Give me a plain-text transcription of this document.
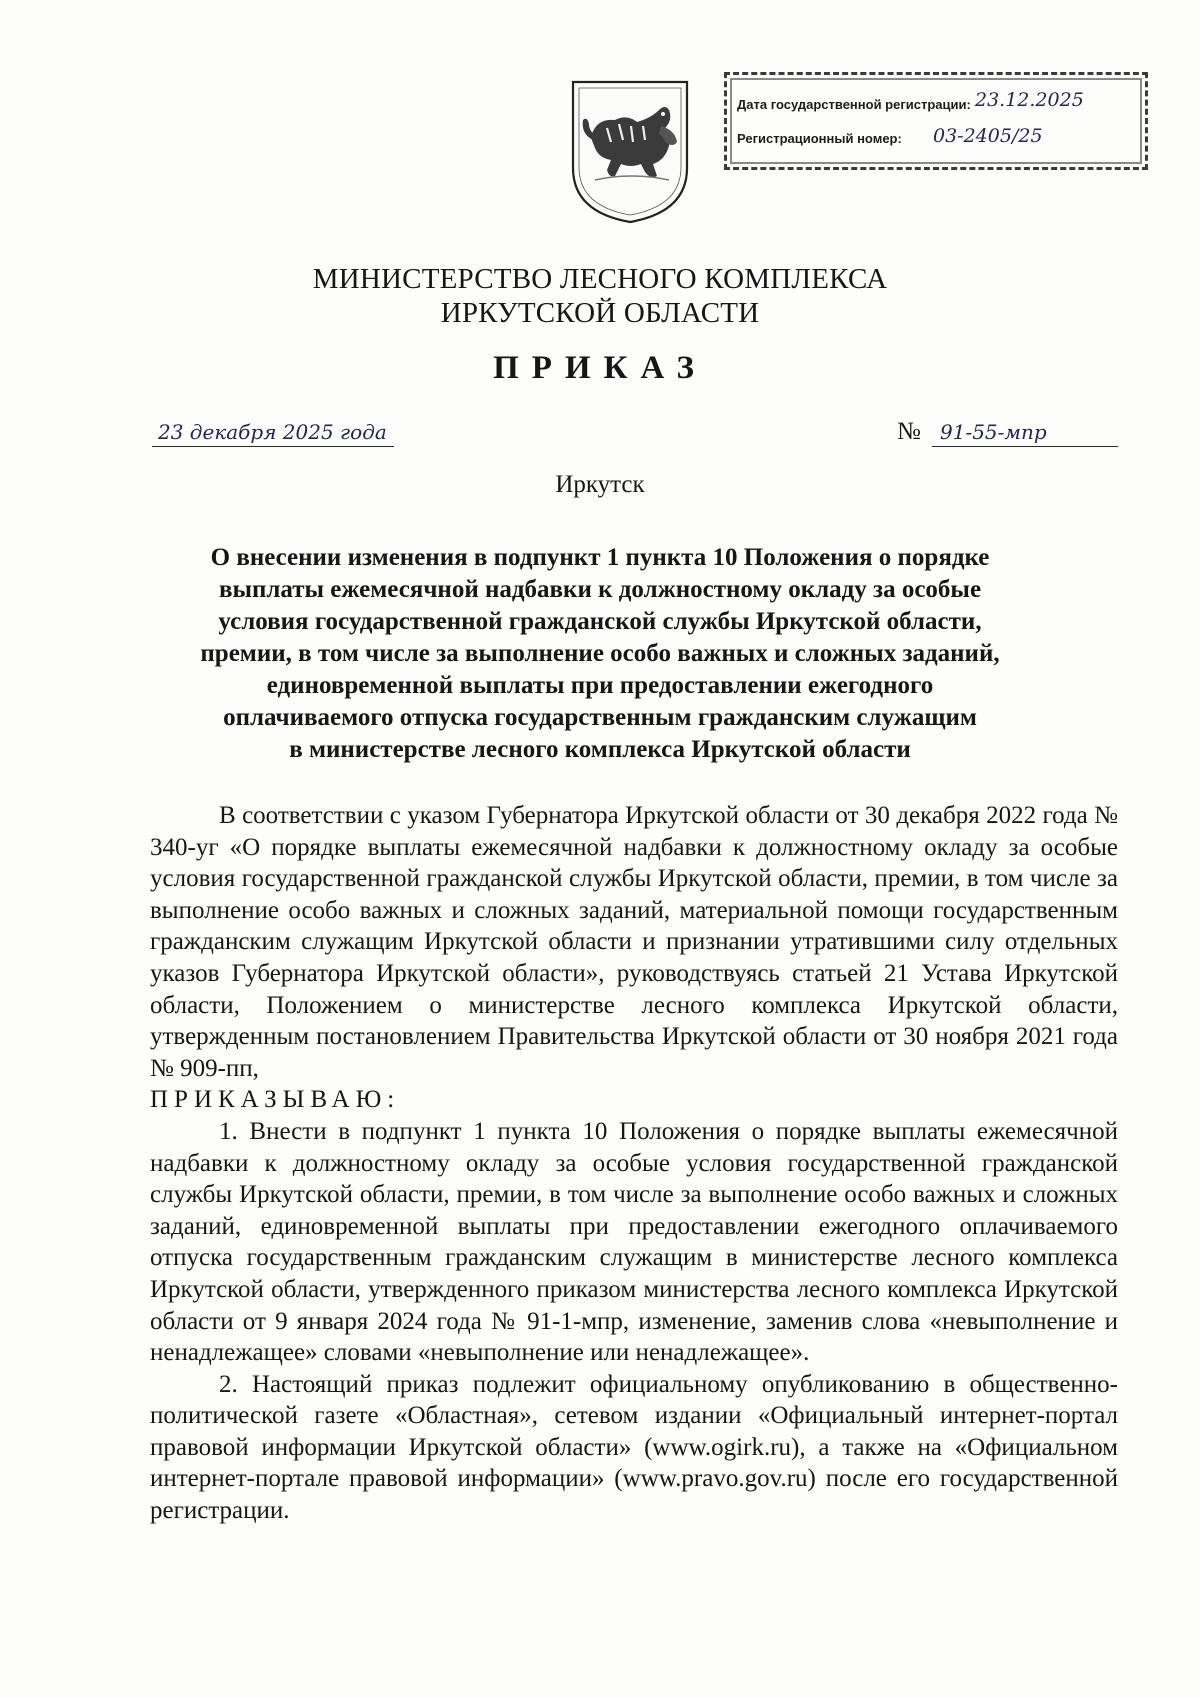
Дата государственной регистрации: 23.12.2025
Регистрационный номер: 03-2405/25
МИНИСТЕРСТВО ЛЕСНОГО КОМПЛЕКСА
ИРКУТСКОЙ ОБЛАСТИ
ПРИКАЗ
23 декабря 2025 года	№ 91-55-мпр
Иркутск
О внесении изменения в подпункт 1 пункта 10 Положения о порядке
выплаты ежемесячной надбавки к должностному окладу за особые
условия государственной гражданской службы Иркутской области,
премии, в том числе за выполнение особо важных и сложных заданий,
единовременной выплаты при предоставлении ежегодного
оплачиваемого отпуска государственным гражданским служащим
в министерстве лесного комплекса Иркутской области

В соответствии с указом Губернатора Иркутской области от 30 декабря 2022 года № 340-уг «О порядке выплаты ежемесячной надбавки к должностному окладу за особые условия государственной гражданской службы Иркутской области, премии, в том числе за выполнение особо важных и сложных заданий, материальной помощи государственным гражданским служащим Иркутской области и признании утратившими силу отдельных указов Губернатора Иркутской области», руководствуясь статьей 21 Устава Иркутской области, Положением о министерстве лесного комплекса Иркутской области, утвержденным постановлением Правительства Иркутской области от 30 ноября 2021 года № 909-пп,

ПРИКАЗЫВАЮ:

1. Внести в подпункт 1 пункта 10 Положения о порядке выплаты ежемесячной надбавки к должностному окладу за особые условия государственной гражданской службы Иркутской области, премии, в том числе за выполнение особо важных и сложных заданий, единовременной выплаты при предоставлении ежегодного оплачиваемого отпуска государственным гражданским служащим в министерстве лесного комплекса Иркутской области, утвержденного приказом министерства лесного комплекса Иркутской области от 9 января 2024 года № 91-1-мпр, изменение, заменив слова «невыполнение и ненадлежащее» словами «невыполнение или ненадлежащее».

2. Настоящий приказ подлежит официальному опубликованию в общественно-политической газете «Областная», сетевом издании «Официальный интернет-портал правовой информации Иркутской области» (www.ogirk.ru), а также на «Официальном интернет-портале правовой информации» (www.pravo.gov.ru) после его государственной регистрации.
